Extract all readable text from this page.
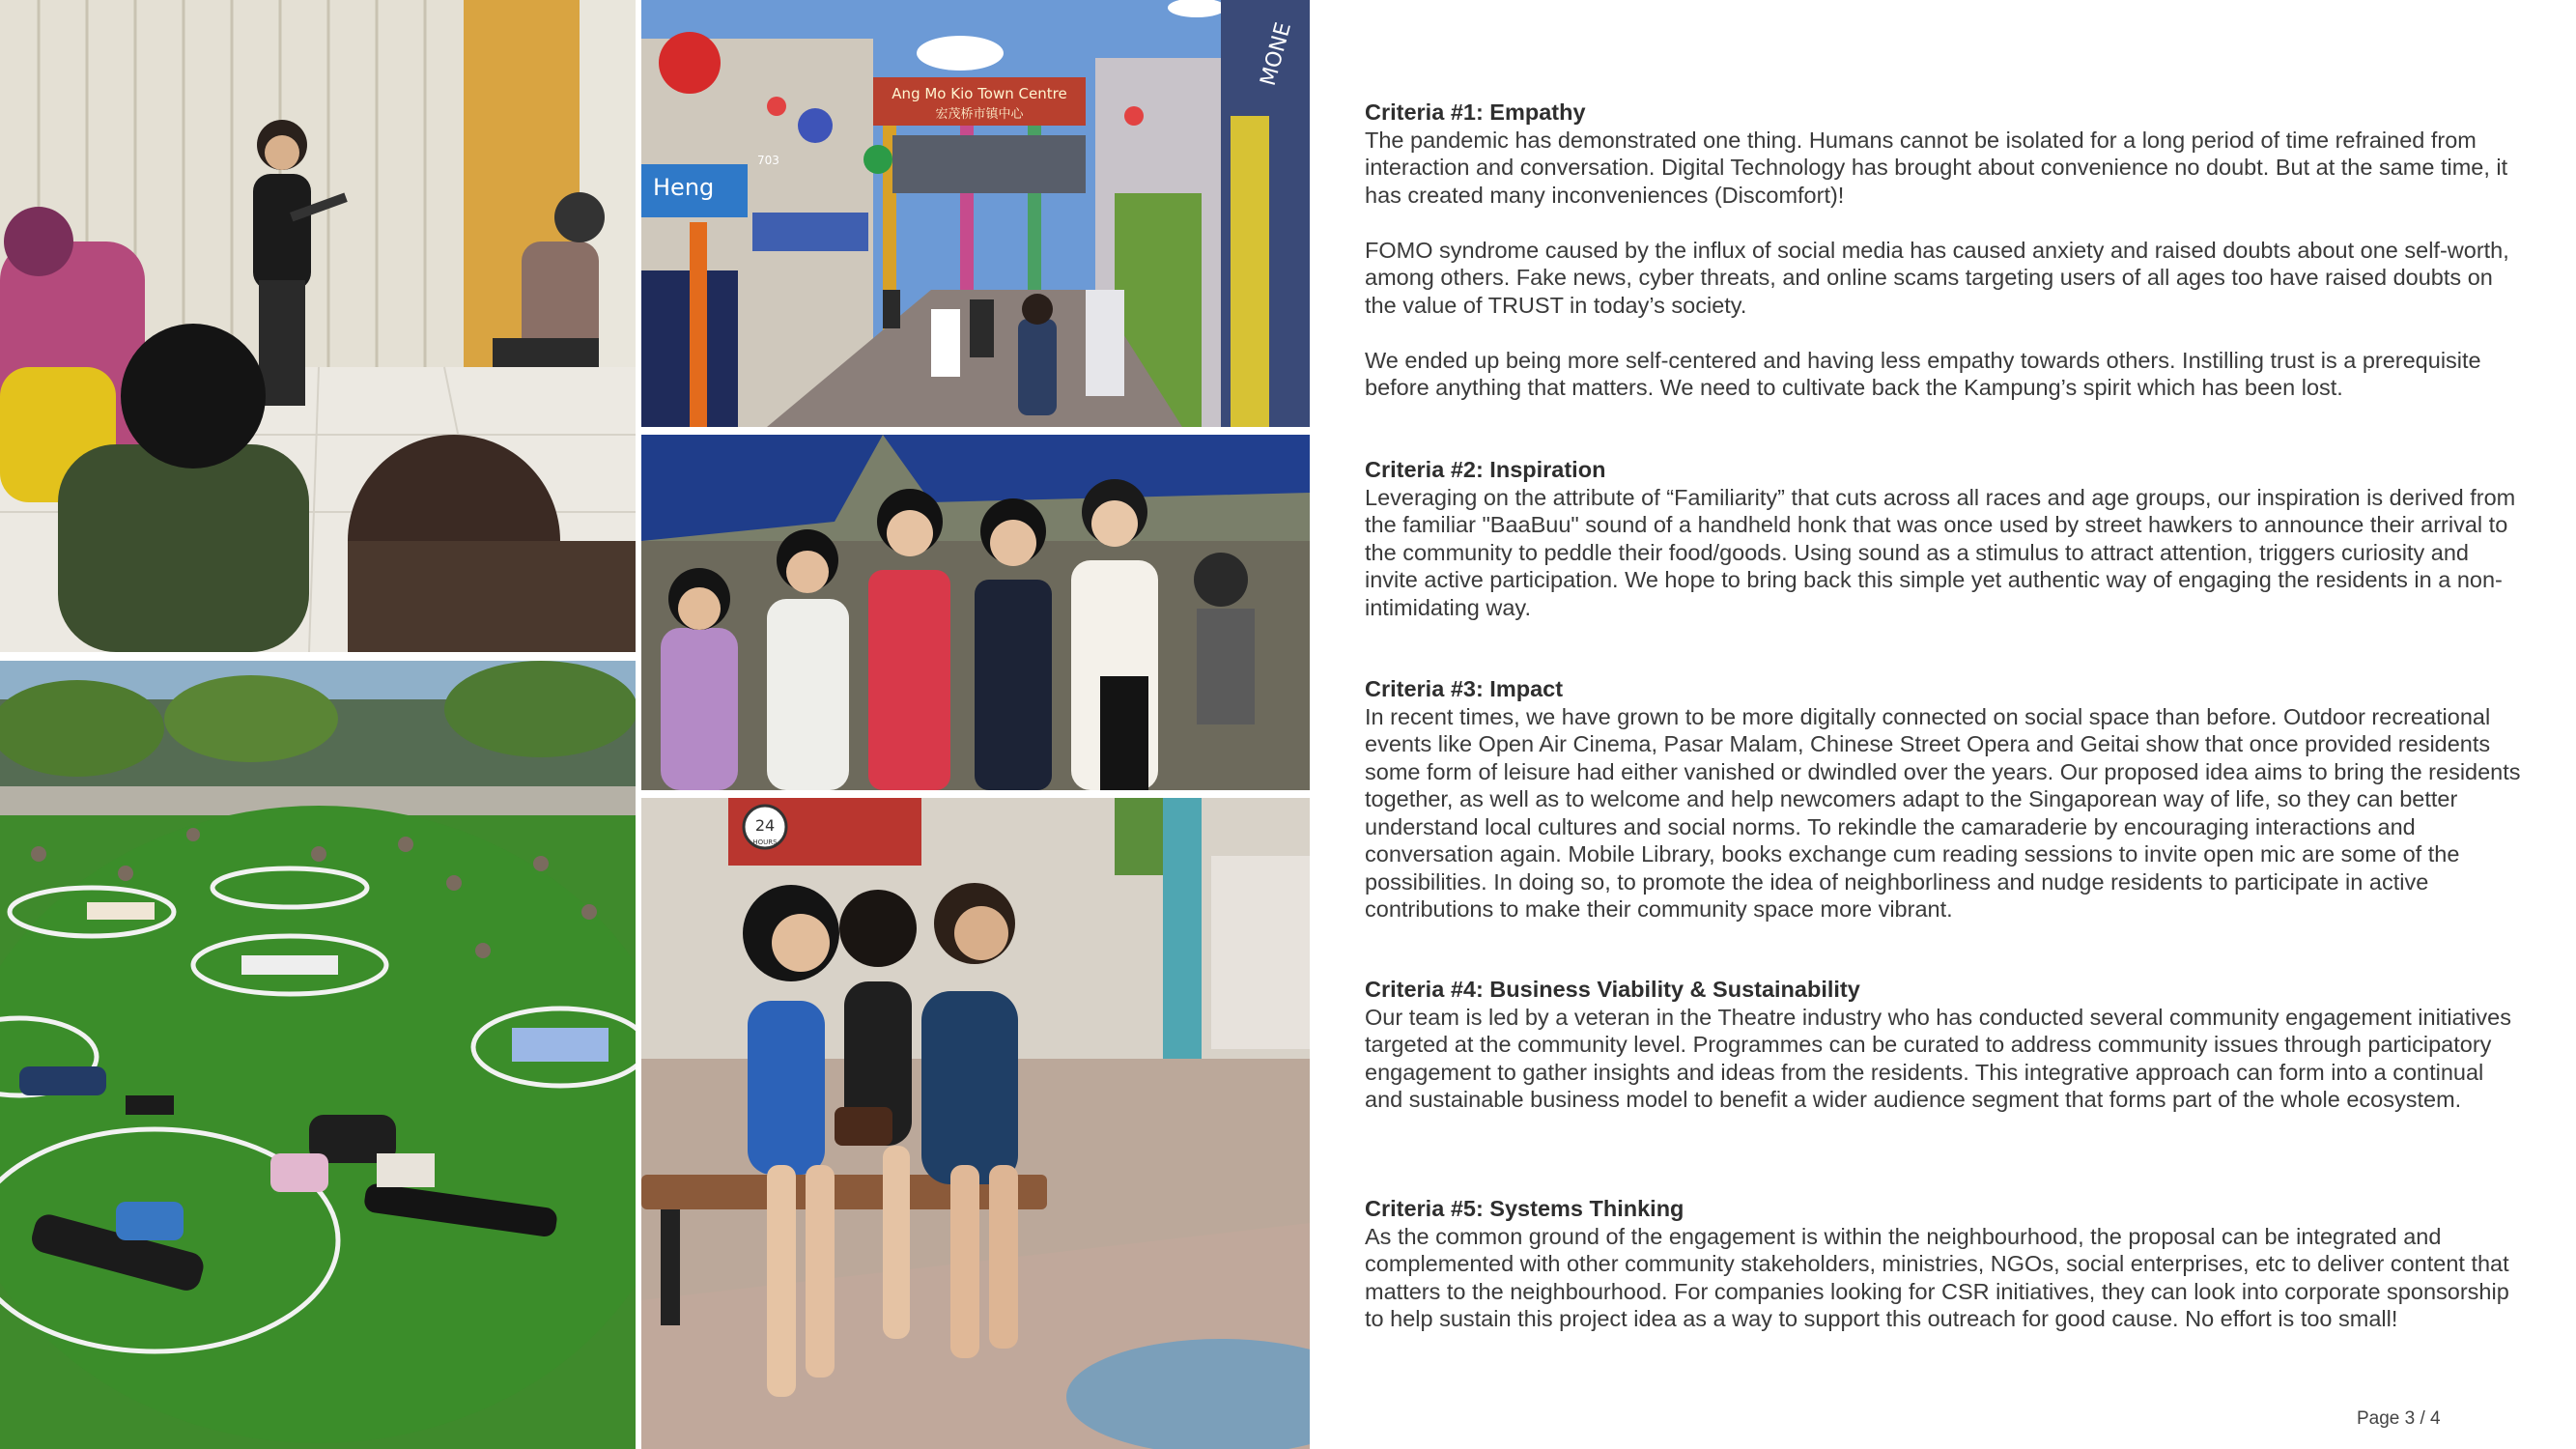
Ang Mo Kio Town Centre
宏茂桥市镇中心
Heng
703
MONE
24
HOURS
Criteria #1: Empathy

The pandemic has demonstrated one thing. Humans cannot be isolated for a long period of time refrained from interaction and conversation. Digital Technology has brought about convenience no doubt. But at the same time, it has created many inconveniences (Discomfort)!

FOMO syndrome caused by the influx of social media has caused anxiety and raised doubts about one self-worth, among others. Fake news, cyber threats, and online scams targeting users of all ages too have raised doubts on the value of TRUST in today’s society.

We ended up being more self-centered and having less empathy towards others. Instilling trust is a prerequisite before anything that matters. We need to cultivate back the Kampung’s spirit which has been lost.

Criteria #2: Inspiration

Leveraging on the attribute of “Familiarity” that cuts across all races and age groups, our inspiration is derived from the familiar "BaaBuu" sound of a handheld honk that was once used by street hawkers to announce their arrival to the community to peddle their food/goods. Using sound as a stimulus to attract attention, triggers curiosity and invite active participation. We hope to bring back this simple yet authentic way of engaging the residents in a non-intimidating way.

Criteria #3: Impact

In recent times, we have grown to be more digitally connected on social space than before. Outdoor recreational events like Open Air Cinema, Pasar Malam, Chinese Street Opera and Geitai show that once provided residents some form of leisure had either vanished or dwindled over the years. Our proposed idea aims to bring the residents together, as well as to welcome and help newcomers adapt to the Singaporean way of life, so they can better understand local cultures and social norms. To rekindle the camaraderie by encouraging interactions and conversation again. Mobile Library, books exchange cum reading sessions to invite open mic are some of the possibilities. In doing so, to promote the idea of neighborliness and nudge residents to participate in active contributions to make their community space more vibrant.

Criteria #4: Business Viability & Sustainability

Our team is led by a veteran in the Theatre industry who has conducted several community engagement initiatives targeted at the community level. Programmes can be curated to address community issues through participatory engagement to gather insights and ideas from the residents. This integrative approach can form into a continual and sustainable business model to benefit a wider audience segment that forms part of the whole ecosystem.

Criteria #5: Systems Thinking

As the common ground of the engagement is within the neighbourhood, the proposal can be integrated and complemented with other community stakeholders, ministries, NGOs, social enterprises, etc to deliver content that matters to the neighbourhood. For companies looking for CSR initiatives, they can look into corporate sponsorship to help sustain this project idea as a way to support this outreach for good cause. No effort is too small!

Page 3 / 4
